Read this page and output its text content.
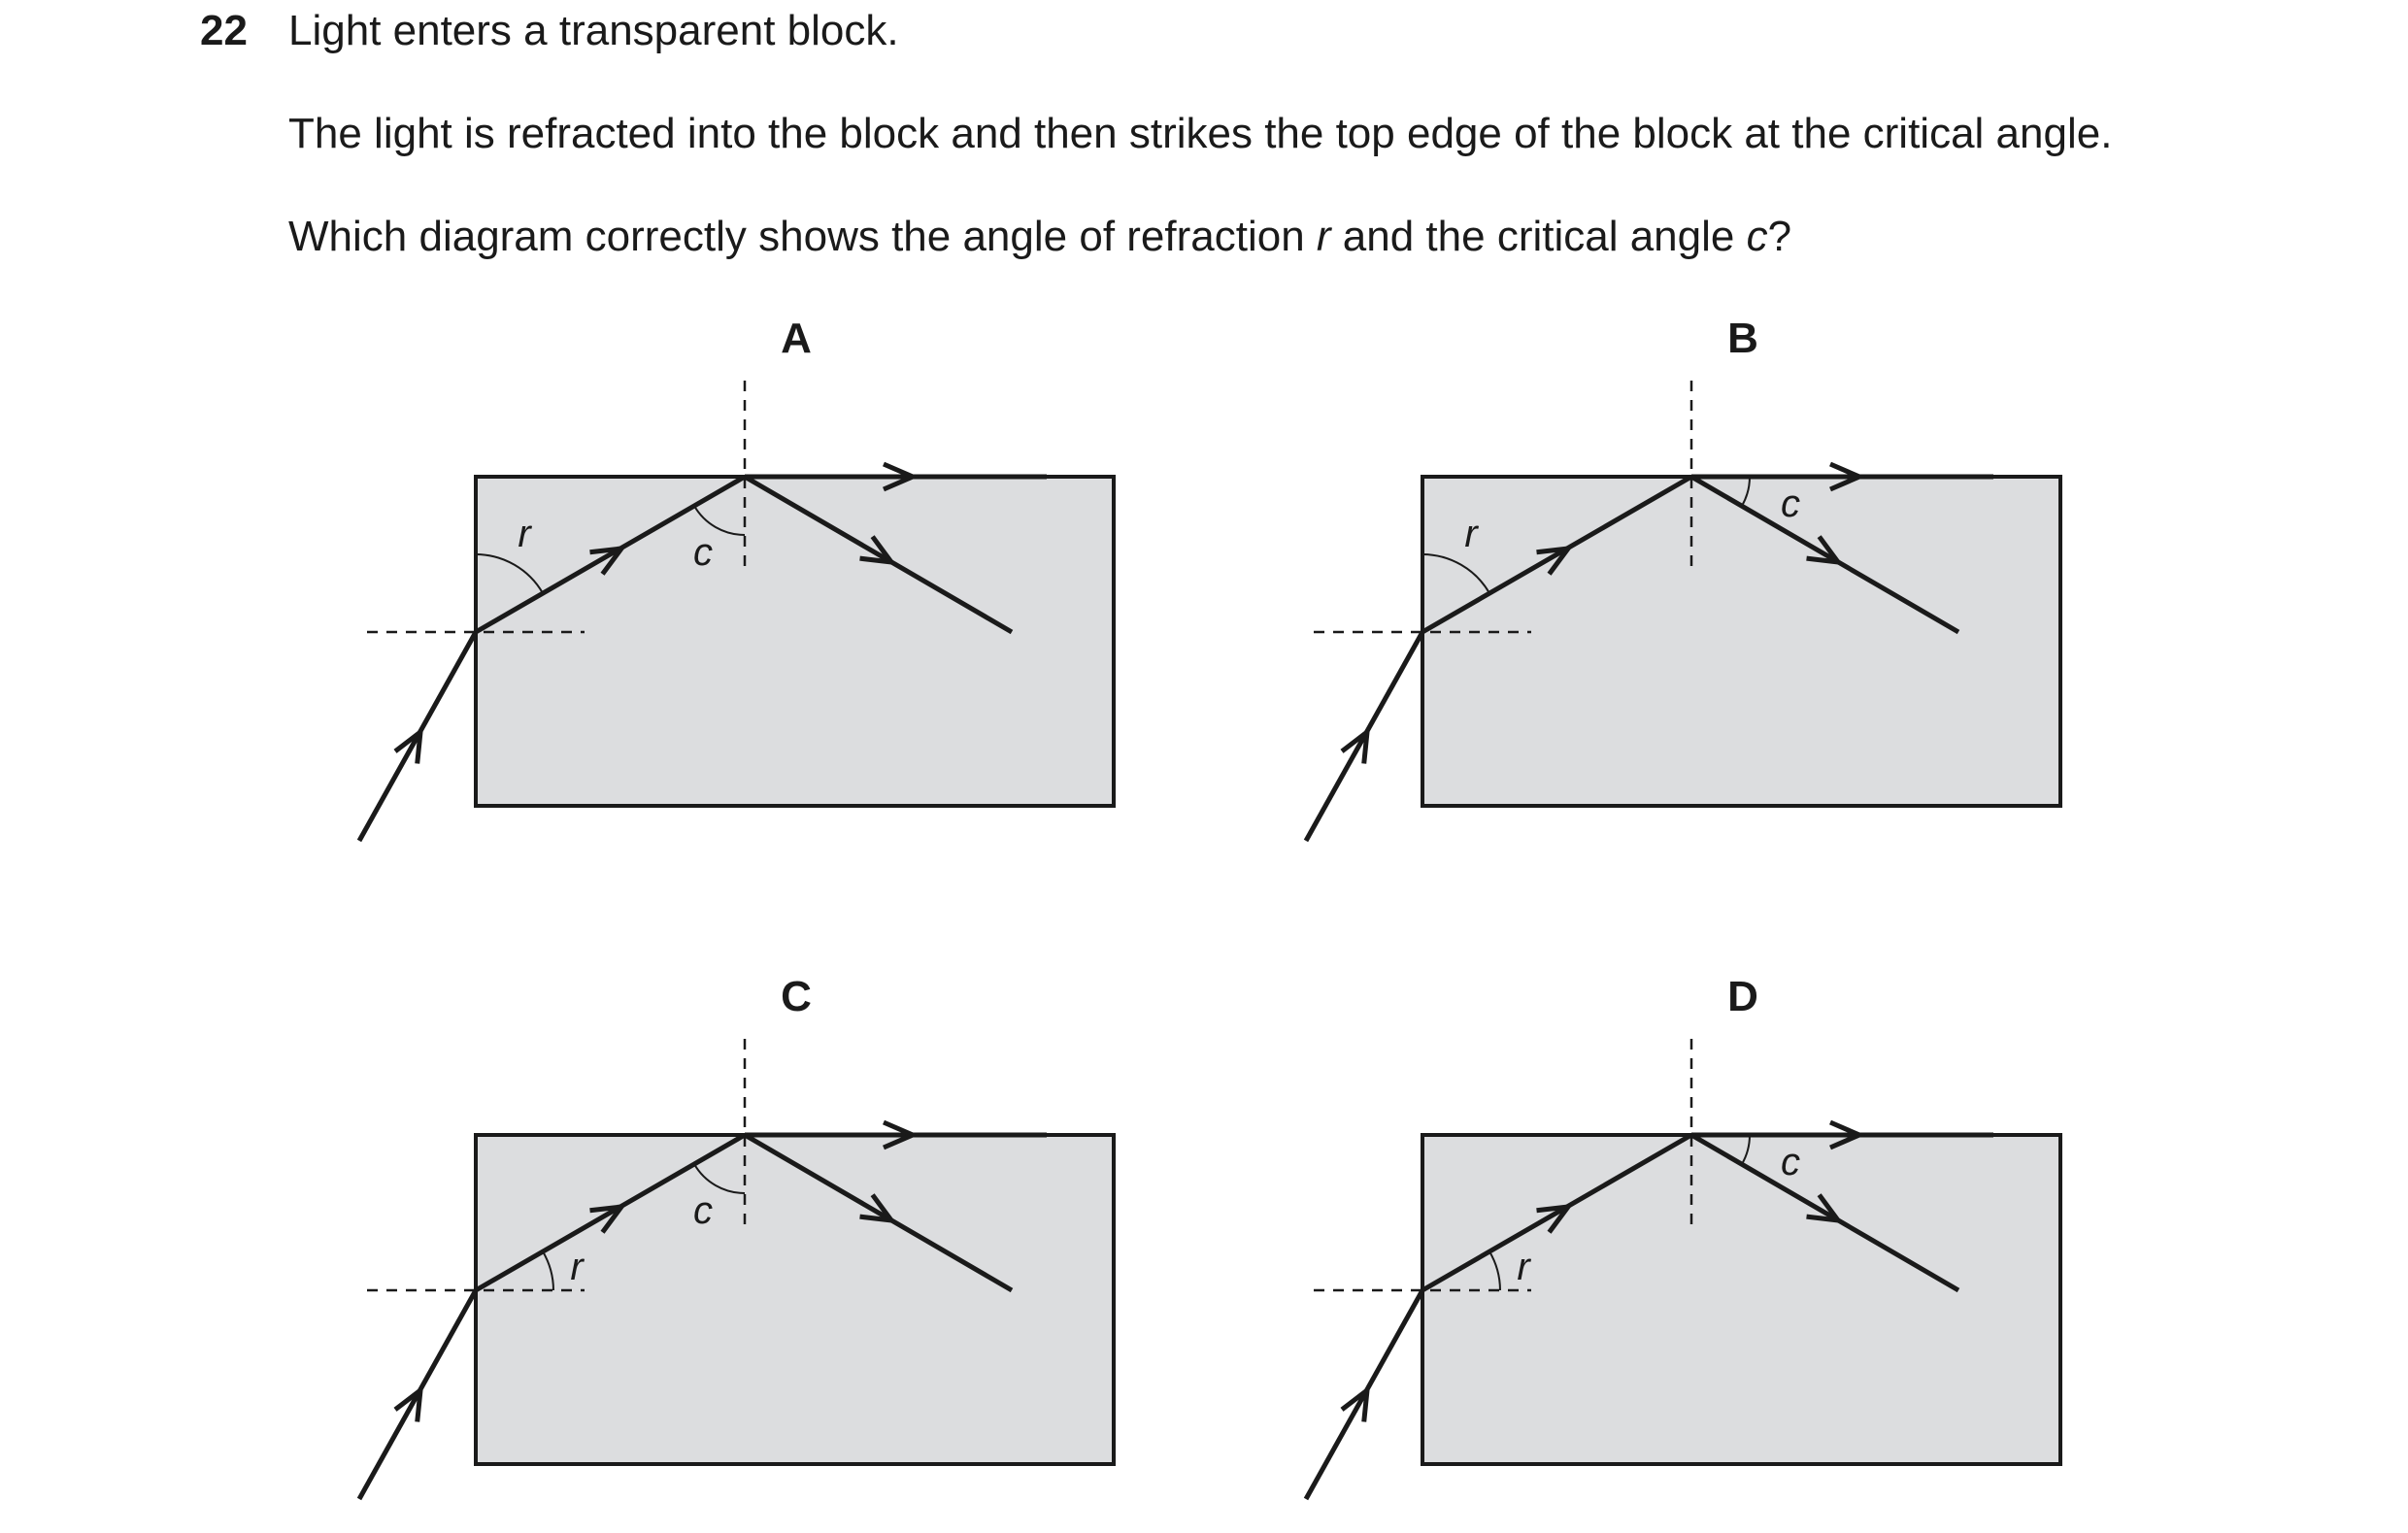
22 Light enters a transparent block.
The light is refracted into the block and then strikes the top edge of the block at the critical angle.
Which diagram correctly shows the angle of refraction r and the critical angle c?
A
r	c
B
r
c
C
r
c
D
r
c
